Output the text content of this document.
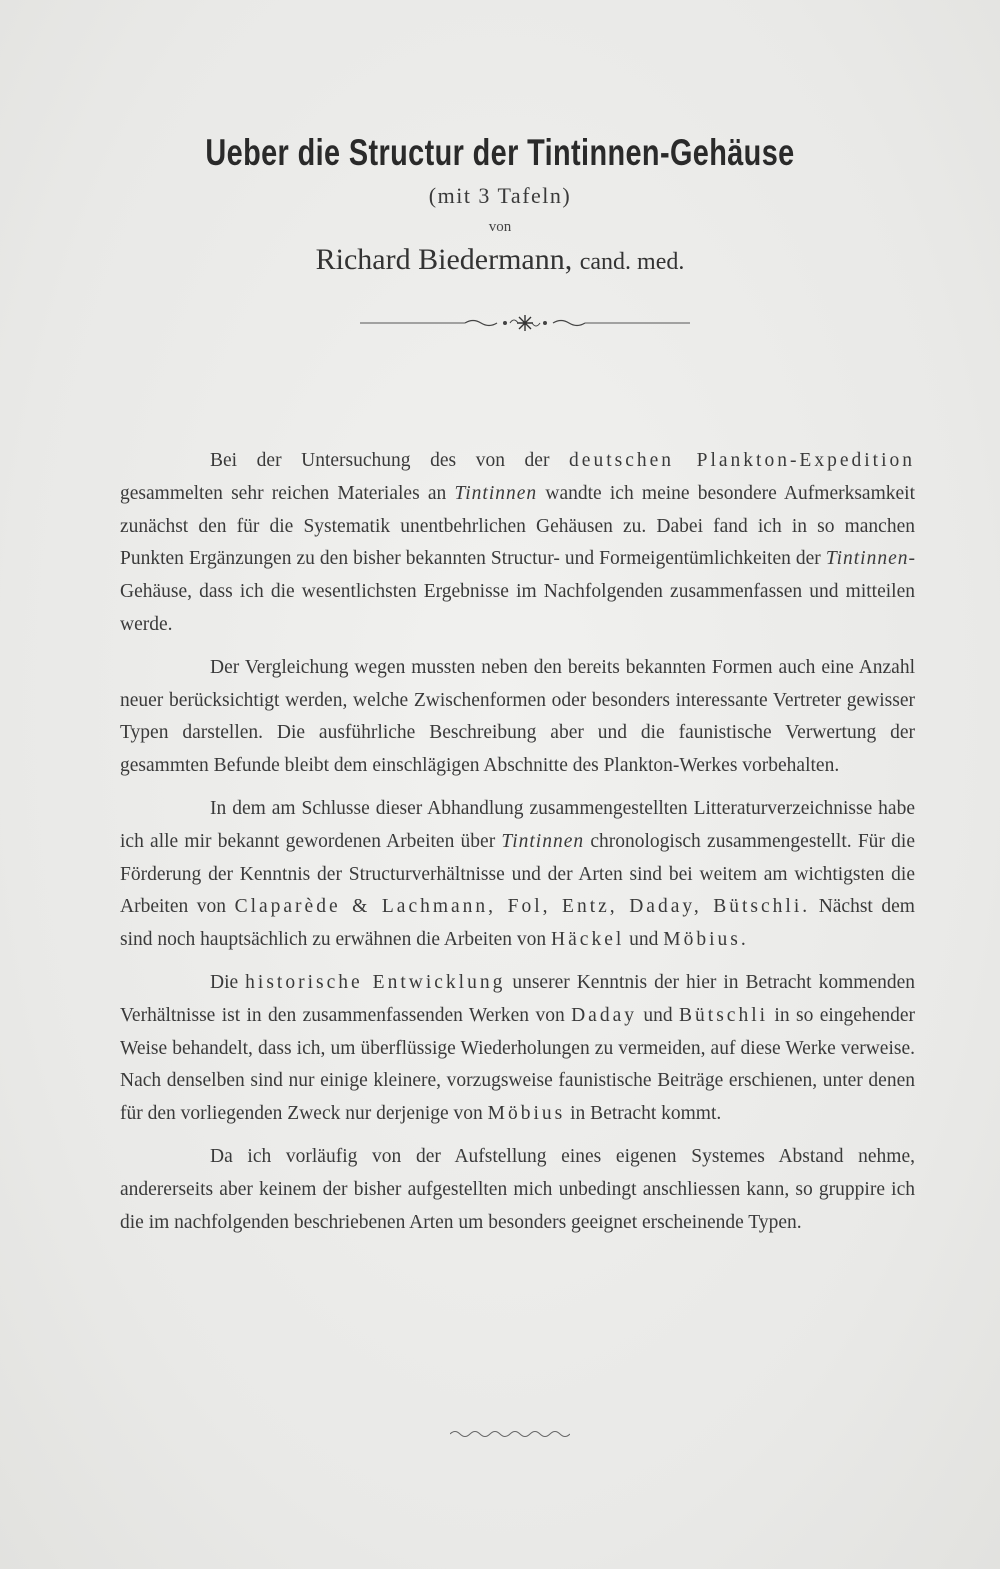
Ueber die Structur der Tintinnen-Gehäuse

(mit 3 Tafeln)

von

Richard Biedermann, cand. med.

Bei der Untersuchung des von der deutschen Plankton-Expedition gesammelten sehr reichen Materiales an Tintinnen wandte ich meine besondere Aufmerksamkeit zunächst den für die Systematik unentbehrlichen Gehäusen zu. Dabei fand ich in so manchen Punkten Ergänzungen zu den bisher bekannten Structur- und Formeigentümlichkeiten der Tintinnen-Gehäuse, dass ich die wesentlichsten Ergebnisse im Nachfolgenden zusammenfassen und mitteilen werde.

Der Vergleichung wegen mussten neben den bereits bekannten Formen auch eine Anzahl neuer berücksichtigt werden, welche Zwischenformen oder besonders interessante Vertreter gewisser Typen darstellen. Die ausführliche Beschreibung aber und die faunistische Verwertung der gesammten Befunde bleibt dem einschlägigen Abschnitte des Plankton-Werkes vorbehalten.

In dem am Schlusse dieser Abhandlung zusammengestellten Litteraturverzeichnisse habe ich alle mir bekannt gewordenen Arbeiten über Tintinnen chronologisch zusammengestellt. Für die Förderung der Kenntnis der Structurverhältnisse und der Arten sind bei weitem am wichtigsten die Arbeiten von Claparède & Lachmann, Fol, Entz, Daday, Bütschli. Nächst dem sind noch hauptsächlich zu erwähnen die Arbeiten von Häckel und Möbius.

Die historische Entwicklung unserer Kenntnis der hier in Betracht kommenden Verhältnisse ist in den zusammenfassenden Werken von Daday und Bütschli in so eingehender Weise behandelt, dass ich, um überflüssige Wiederholungen zu vermeiden, auf diese Werke verweise. Nach denselben sind nur einige kleinere, vorzugsweise faunistische Beiträge erschienen, unter denen für den vorliegenden Zweck nur derjenige von Möbius in Betracht kommt.

Da ich vorläufig von der Aufstellung eines eigenen Systemes Abstand nehme, andererseits aber keinem der bisher aufgestellten mich unbedingt anschliessen kann, so gruppire ich die im nachfolgenden beschriebenen Arten um besonders geeignet erscheinende Typen.
